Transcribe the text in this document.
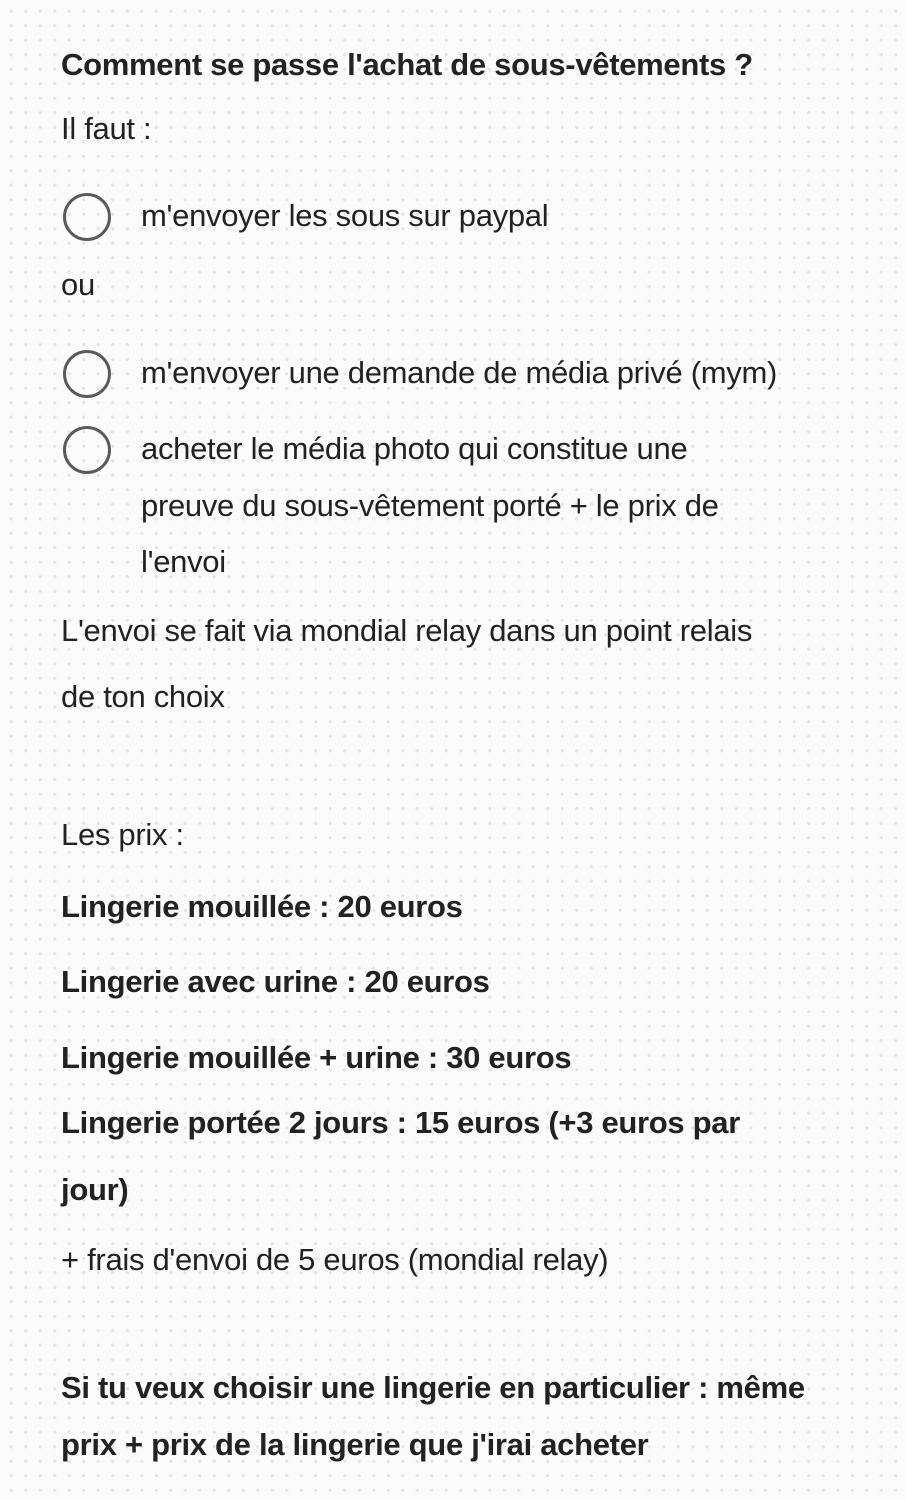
Comment se passe l'achat de sous-vêtements ?
Il faut :
m'envoyer les sous sur paypal
ou
m'envoyer une demande de média privé (mym)
acheter le média photo qui constitue une
preuve du sous-vêtement porté + le prix de
l'envoi
L'envoi se fait via mondial relay dans un point relais
de ton choix
Les prix :
Lingerie mouillée : 20 euros
Lingerie avec urine : 20 euros
Lingerie mouillée + urine : 30 euros
Lingerie portée 2 jours : 15 euros (+3 euros par
jour)
+ frais d'envoi de 5 euros (mondial relay)
Si tu veux choisir une lingerie en particulier : même
prix + prix de la lingerie que j'irai acheter
